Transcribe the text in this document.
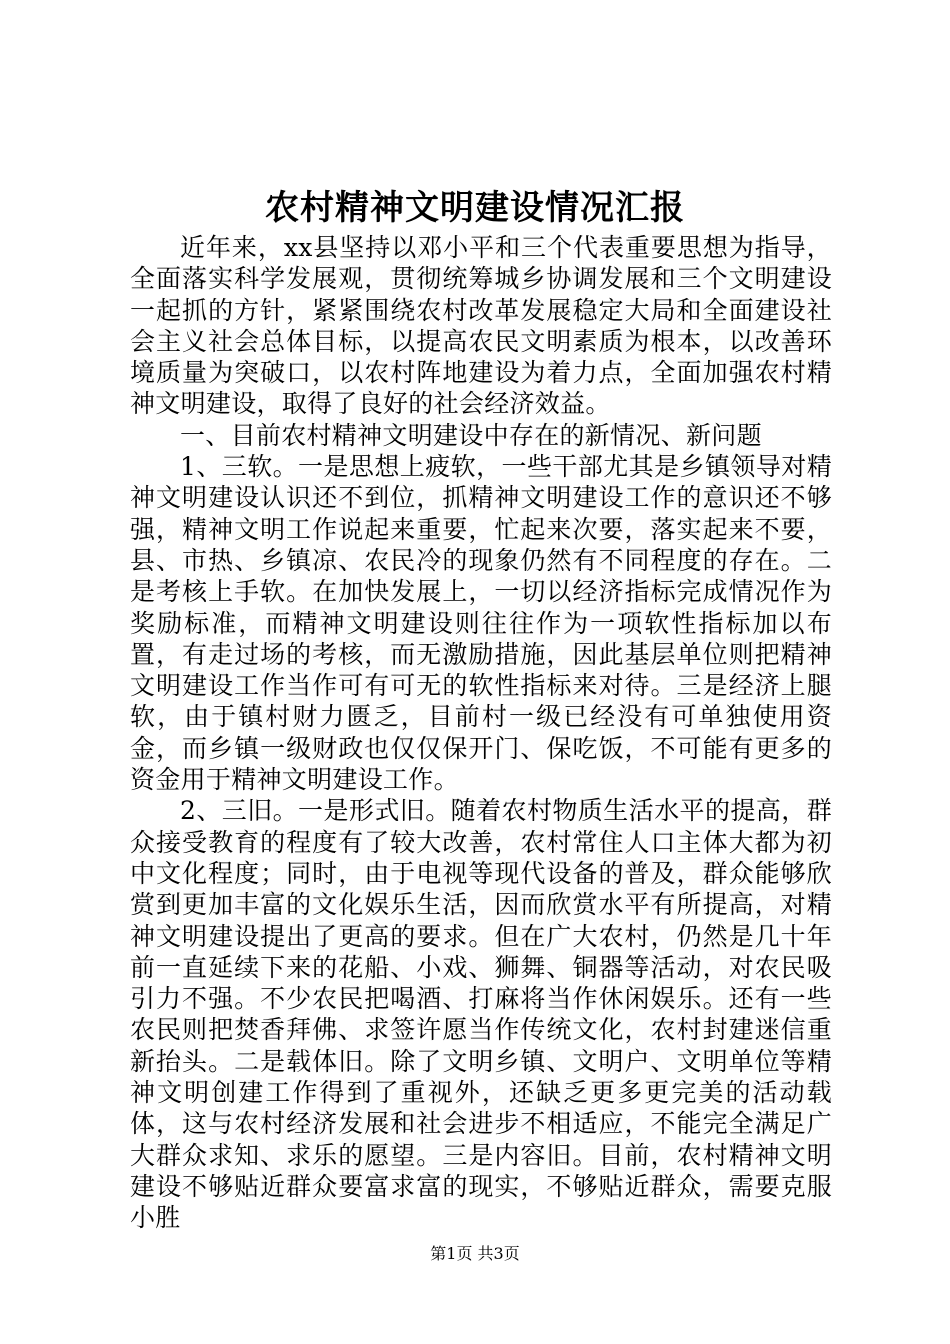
农村精神文明建设情况汇报

近年来，xx县坚持以邓小平和三个代表重要思想为指导，全面落实科学发展观，贯彻统筹城乡协调发展和三个文明建设一起抓的方针，紧紧围绕农村改革发展稳定大局和全面建设社会主义社会总体目标，以提高农民文明素质为根本，以改善环境质量为突破口，以农村阵地建设为着力点，全面加强农村精神文明建设，取得了良好的社会经济效益。

一、目前农村精神文明建设中存在的新情况、新问题

1、三软。一是思想上疲软，一些干部尤其是乡镇领导对精神文明建设认识还不到位，抓精神文明建设工作的意识还不够强，精神文明工作说起来重要，忙起来次要，落实起来不要，县、市热、乡镇凉、农民冷的现象仍然有不同程度的存在。二是考核上手软。在加快发展上，一切以经济指标完成情况作为奖励标准，而精神文明建设则往往作为一项软性指标加以布置，有走过场的考核，而无激励措施，因此基层单位则把精神文明建设工作当作可有可无的软性指标来对待。三是经济上腿软，由于镇村财力匮乏，目前村一级已经没有可单独使用资金，而乡镇一级财政也仅仅保开门、保吃饭，不可能有更多的资金用于精神文明建设工作。

2、三旧。一是形式旧。随着农村物质生活水平的提高，群众接受教育的程度有了较大改善，农村常住人口主体大都为初中文化程度；同时，由于电视等现代设备的普及，群众能够欣赏到更加丰富的文化娱乐生活，因而欣赏水平有所提高，对精神文明建设提出了更高的要求。但在广大农村，仍然是几十年前一直延续下来的花船、小戏、狮舞、铜器等活动，对农民吸引力不强。不少农民把喝酒、打麻将当作休闲娱乐。还有一些农民则把焚香拜佛、求签许愿当作传统文化，农村封建迷信重新抬头。二是载体旧。除了文明乡镇、文明户、文明单位等精神文明创建工作得到了重视外，还缺乏更多更完美的活动载体，这与农村经济发展和社会进步不相适应，不能完全满足广大群众求知、求乐的愿望。三是内容旧。目前，农村精神文明建设不够贴近群众要富求富的现实，不够贴近群众，需要克服小胜

第1页 共3页
